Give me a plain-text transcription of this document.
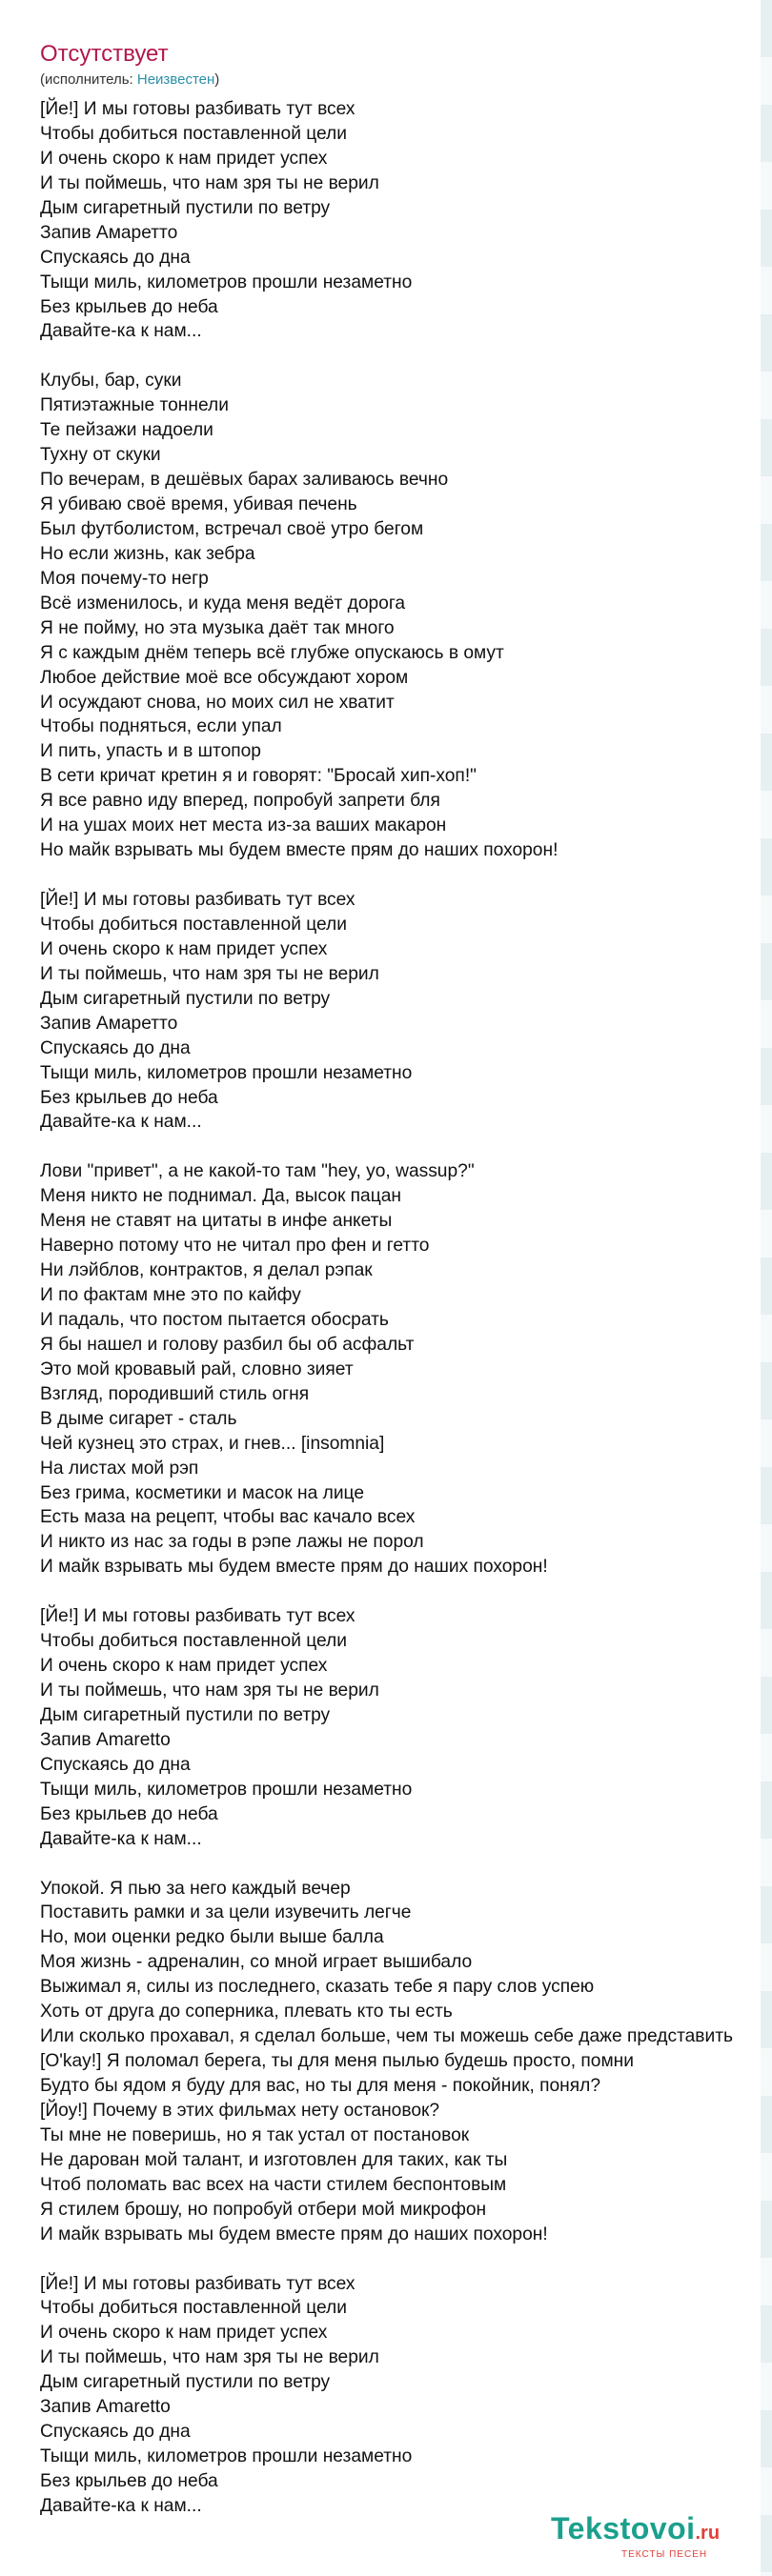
Отсутствует
(исполнитель: Неизвестен)
[Йе!] И мы готовы разбивать тут всех
Чтобы добиться поставленной цели
И очень скоро к нам придет успех
И ты поймешь, что нам зря ты не верил
Дым сигаретный пустили по ветру
Запив Амаретто
Спускаясь до дна
Тыщи миль, километров прошли незаметно
Без крыльев до неба
Давайте-ка к нам...
Клубы, бар, суки
Пятиэтажные тоннели
Те пейзажи надоели
Тухну от скуки
По вечерам, в дешёвых барах заливаюсь вечно
Я убиваю своё время, убивая печень
Был футболистом, встречал своё утро бегом
Но если жизнь, как зебра
Моя почему-то негр
Всё изменилось, и куда меня ведёт дорога
Я не пойму, но эта музыка даёт так много
Я с каждым днём теперь всё глубже опускаюсь в омут
Любое действие моё все обсуждают хором
И осуждают снова, но моих сил не хватит
Чтобы подняться, если упал
И пить, упасть и в штопор
В сети кричат кретин я и говорят: "Бросай хип-хоп!"
Я все равно иду вперед, попробуй запрети бля
И на ушах моих нет места из-за ваших макарон
Но майк взрывать мы будем вместе прям до наших похорон!
[Йе!] И мы готовы разбивать тут всех
Чтобы добиться поставленной цели
И очень скоро к нам придет успех
И ты поймешь, что нам зря ты не верил
Дым сигаретный пустили по ветру
Запив Амаретто
Спускаясь до дна
Тыщи миль, километров прошли незаметно
Без крыльев до неба
Давайте-ка к нам...
Лови "привет", а не какой-то там "hey, yo, wassup?"
Меня никто не поднимал. Да, высок пацан
Меня не ставят на цитаты в инфе анкеты
Наверно потому что не читал про фен и гетто
Ни лэйблов, контрактов, я делал рэпак
И по фактам мне это по кайфу
И падаль, что постом пытается обосрать
Я бы нашел и голову разбил бы об асфальт
Это мой кровавый рай, словно зияет
Взгляд, породивший стиль огня
В дыме сигарет - сталь
Чей кузнец это страх, и гнев... [insomnia]
На листах мой рэп
Без грима, косметики и масок на лице
Есть маза на рецепт, чтобы вас качало всех
И никто из нас за годы в рэпе лажы не порол
И майк взрывать мы будем вместе прям до наших похорон!
[Йе!] И мы готовы разбивать тут всех
Чтобы добиться поставленной цели
И очень скоро к нам придет успех
И ты поймешь, что нам зря ты не верил
Дым сигаретный пустили по ветру
Запив Amaretto
Спускаясь до дна
Тыщи миль, километров прошли незаметно
Без крыльев до неба
Давайте-ка к нам...
Упокой. Я пью за него каждый вечер
Поставить рамки и за цели изувечить легче
Но, мои оценки редко были выше балла
Моя жизнь - адреналин, со мной играет вышибало
Выжимал я, силы из последнего, сказать тебе я пару слов успею
Хоть от друга до соперника, плевать кто ты есть
Или сколько прохавал, я сделал больше, чем ты можешь себе даже представить
[O'kay!] Я поломал берега, ты для меня пылью будешь просто, помни
Будто бы ядом я буду для вас, но ты для меня - покойник, понял?
[Йоу!] Почему в этих фильмах нету остановок?
Ты мне не поверишь, но я так устал от постановок
Не дарован мой талант, и изготовлен для таких, как ты
Чтоб поломать вас всех на части стилем беспонтовым
Я стилем брошу, но попробуй отбери мой микрофон
И майк взрывать мы будем вместе прям до наших похорон!
[Йе!] И мы готовы разбивать тут всех
Чтобы добиться поставленной цели
И очень скоро к нам придет успех
И ты поймешь, что нам зря ты не верил
Дым сигаретный пустили по ветру
Запив Amaretto
Спускаясь до дна
Тыщи миль, километров прошли незаметно
Без крыльев до неба
Давайте-ка к нам...
Tekstovoi.ru
ТЕКСТЫ ПЕСЕН
